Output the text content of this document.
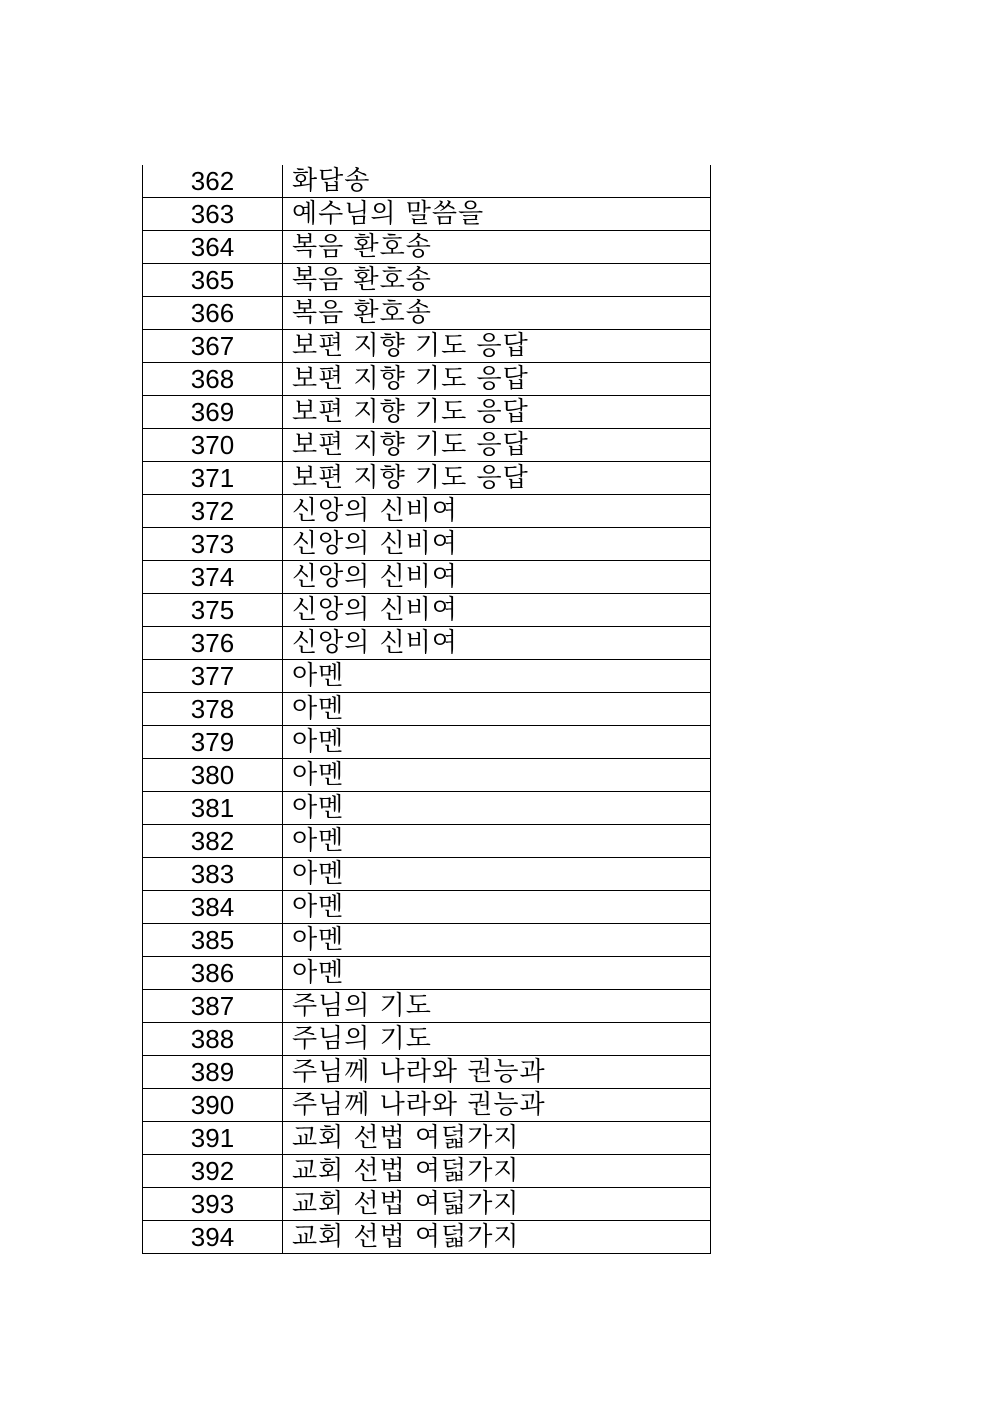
362	화답송
363	예수님의 말씀을
364	복음 환호송
365	복음 환호송
366	복음 환호송
367	보편 지향 기도 응답
368	보편 지향 기도 응답
369	보편 지향 기도 응답
370	보편 지향 기도 응답
371	보편 지향 기도 응답
372	신앙의 신비여
373	신앙의 신비여
374	신앙의 신비여
375	신앙의 신비여
376	신앙의 신비여
377	아멘
378	아멘
379	아멘
380	아멘
381	아멘
382	아멘
383	아멘
384	아멘
385	아멘
386	아멘
387	주님의 기도
388	주님의 기도
389	주님께 나라와 권능과
390	주님께 나라와 권능과
391	교회 선법 여덟가지
392	교회 선법 여덟가지
393	교회 선법 여덟가지
394	교회 선법 여덟가지
